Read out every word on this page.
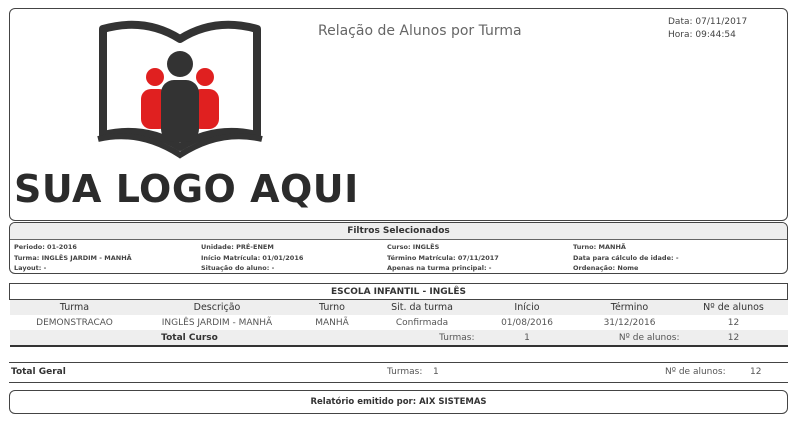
SUA LOGO AQUI
Relação de Alunos por Turma
Data: 07/11/2017
Hora: 09:44:54
Filtros Selecionados
Periodo: 01-2016	Unidade: PRÉ-ENEM	Curso: INGLÊS	Turno: MANHÃ
Turma: INGLÊS JARDIM - MANHÃ	Início Matrícula: 01/01/2016	Término Matrícula: 07/11/2017	Data para cálculo de idade: -
Layout: -	Situação do aluno: -	Apenas na turma principal: -	Ordenação: Nome
ESCOLA INFANTIL - INGLÊS						
Turma	Descrição	Turno	Sit. da turma	Início	Término	Nº de alunos
DEMONSTRACAO	INGLÊS JARDIM - MANHÃ	MANHÃ	Confirmada	01/08/2016	31/12/2016	12
Total Curso			Turmas:	1	Nº de alunos:	12
Total Geral	Turmas: 1	Nº de alunos:	12
Relatório emitido por: AIX SISTEMAS
